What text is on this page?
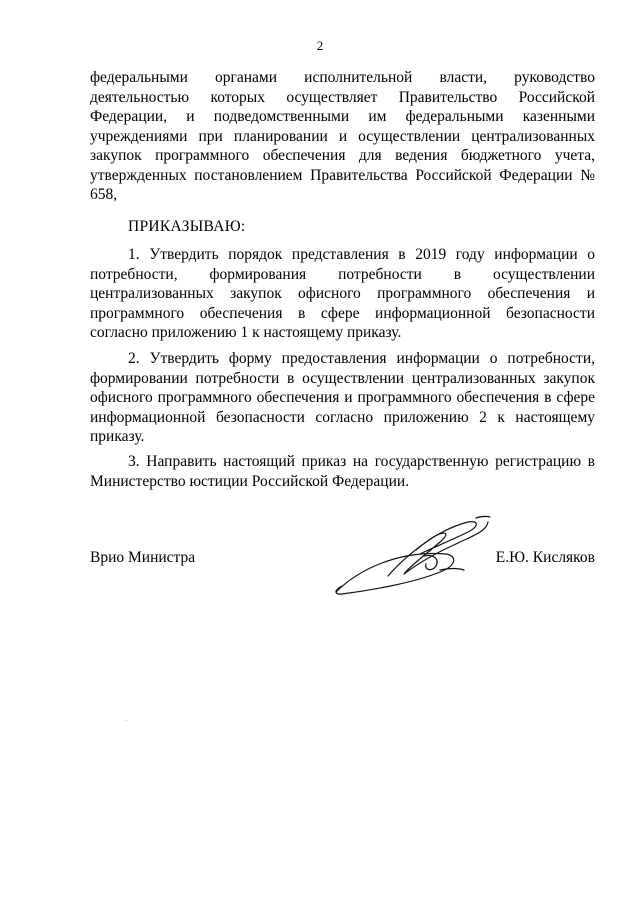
2

федеральными органами исполнительной власти, руководство деятельностью которых осуществляет Правительство Российской Федерации, и подведомственными им федеральными казенными учреждениями при планировании и осуществлении централизованных закупок программного обеспечения для ведения бюджетного учета, утвержденных постановлением Правительства Российской Федерации № 658,

ПРИКАЗЫВАЮ:

1. Утвердить порядок представления в 2019 году информации о потребности, формирования потребности в осуществлении централизованных закупок офисного программного обеспечения и программного обеспечения в сфере информационной безопасности согласно приложению 1 к настоящему приказу.

2. Утвердить форму предоставления информации о потребности, формировании потребности в осуществлении централизованных закупок офисного программного обеспечения и программного обеспечения в сфере информационной безопасности согласно приложению 2 к настоящему приказу.

3. Направить настоящий приказ на государственную регистрацию в Министерство юстиции Российской Федерации.

Врио Министра	Е.Ю. Кисляков
